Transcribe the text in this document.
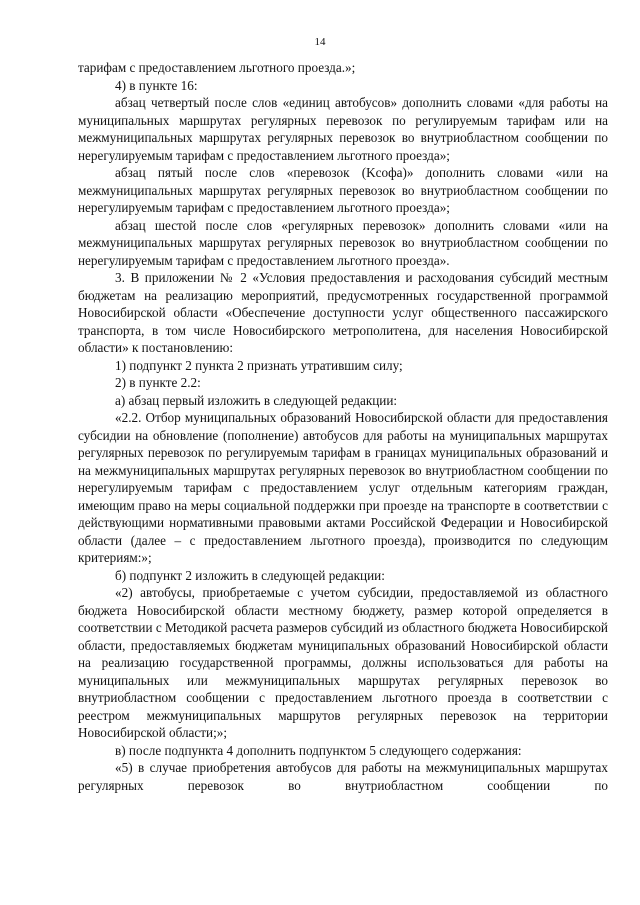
14

тарифам с предоставлением льготного проезда.»;

4) в пункте 16:

абзац четвертый после слов «единиц автобусов» дополнить словами «для работы на муниципальных маршрутах регулярных перевозок по регулируемым тарифам или на межмуниципальных маршрутах регулярных перевозок во внутриобластном сообщении по нерегулируемым тарифам с предоставлением льготного проезда»;

абзац пятый после слов «перевозок (Kсофa)» дополнить словами «или на межмуниципальных маршрутах регулярных перевозок во внутриобластном сообщении по нерегулируемым тарифам с предоставлением льготного проезда»;

абзац шестой после слов «регулярных перевозок» дополнить словами «или на межмуниципальных маршрутах регулярных перевозок во внутриобластном сообщении по нерегулируемым тарифам с предоставлением льготного проезда».

3. В приложении № 2 «Условия предоставления и расходования субсидий местным бюджетам на реализацию мероприятий, предусмотренных государственной программой Новосибирской области «Обеспечение доступности услуг общественного пассажирского транспорта, в том числе Новосибирского метрополитена, для населения Новосибирской области» к постановлению:

1) подпункт 2 пункта 2 признать утратившим силу;

2) в пункте 2.2:

а) абзац первый изложить в следующей редакции:

«2.2. Отбор муниципальных образований Новосибирской области для предоставления субсидии на обновление (пополнение) автобусов для работы на муниципальных маршрутах регулярных перевозок по регулируемым тарифам в границах муниципальных образований и на межмуниципальных маршрутах регулярных перевозок во внутриобластном сообщении по нерегулируемым тарифам с предоставлением услуг отдельным категориям граждан, имеющим право на меры социальной поддержки при проезде на транспорте в соответствии с действующими нормативными правовыми актами Российской Федерации и Новосибирской области (далее – с предоставлением льготного проезда), производится по следующим критериям:»;

б) подпункт 2 изложить в следующей редакции:

«2) автобусы, приобретаемые с учетом субсидии, предоставляемой из областного бюджета Новосибирской области местному бюджету, размер которой определяется в соответствии с Методикой расчета размеров субсидий из областного бюджета Новосибирской области, предоставляемых бюджетам муниципальных образований Новосибирской области на реализацию государственной программы, должны использоваться для работы на муниципальных или межмуниципальных маршрутах регулярных перевозок во внутриобластном сообщении с предоставлением льготного проезда в соответствии с реестром межмуниципальных маршрутов регулярных перевозок на территории Новосибирской области;»;

в) после подпункта 4 дополнить подпунктом 5 следующего содержания:

«5) в случае приобретения автобусов для работы на межмуниципальных маршрутах регулярных перевозок во внутриобластном сообщении по
